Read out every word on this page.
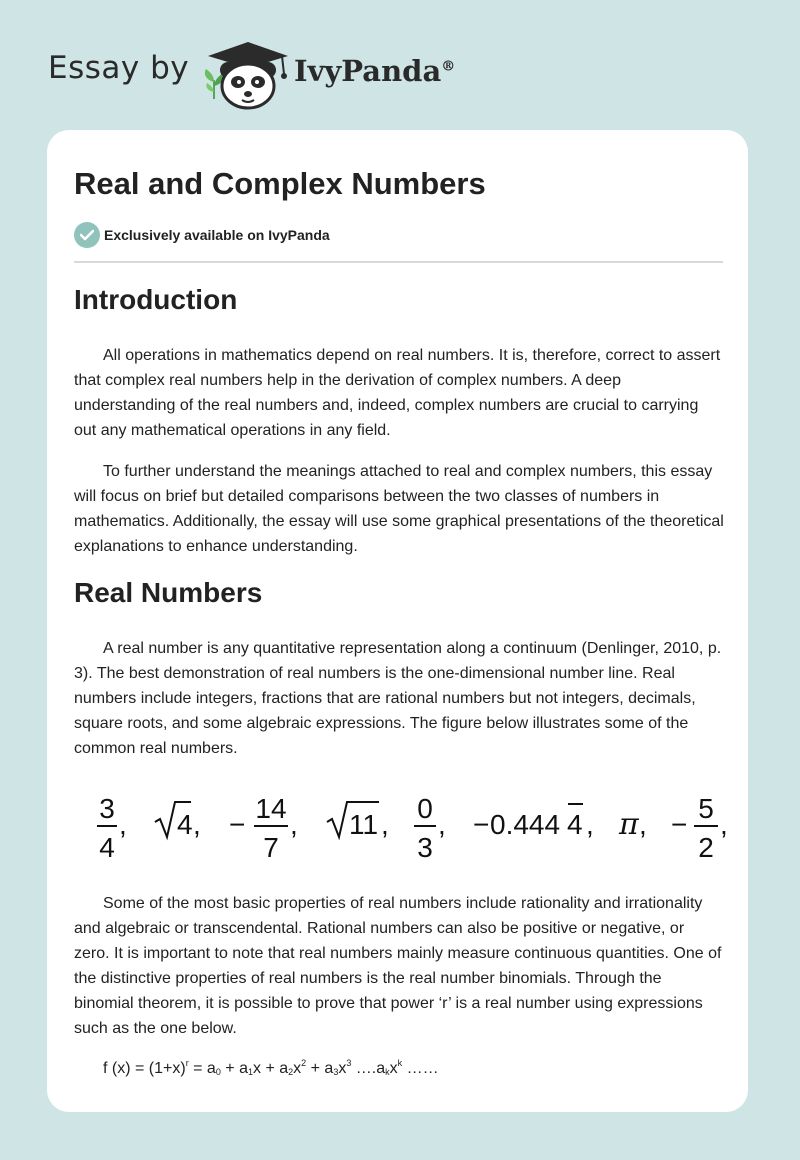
Essay by	IvyPanda®
Real and Complex Numbers
Exclusively available on IvyPanda
Introduction

All operations in mathematics depend on real numbers. It is, therefore, correct to assert that complex real numbers help in the derivation of complex numbers. A deep understanding of the real numbers and, indeed, complex numbers are crucial to carrying out any mathematical operations in any field.

To further understand the meanings attached to real and complex numbers, this essay will focus on brief but detailed comparisons between the two classes of numbers in mathematics. Additionally, the essay will use some graphical presentations of the theoretical explanations to enhance understanding.

Real Numbers

A real number is any quantitative representation along a continuum (Denlinger, 2010, p. 3). The best demonstration of real numbers is the one-dimensional number line. Real numbers include integers, fractions that are rational numbers but not integers, decimals, square roots, and some algebraic expressions. The figure below illustrates some of the common real numbers.

3
4
, 4 , −
14
7
, 11 ,
0
3
, − 0.444 4 , π , −
5
2
,

Some of the most basic properties of real numbers include rationality and irrationality and algebraic or transcendental. Rational numbers can also be positive or negative, or zero. It is important to note that real numbers mainly measure continuous quantities. One of the distinctive properties of real numbers is the real number binomials. Through the binomial theorem, it is possible to prove that power ‘r’ is a real number using expressions such as the one below.

f $(x) = (1+x)^r = a_0 + a_1x + a_2x^2 + a_3x^3$ $\dots.a_kx^k$ ……
